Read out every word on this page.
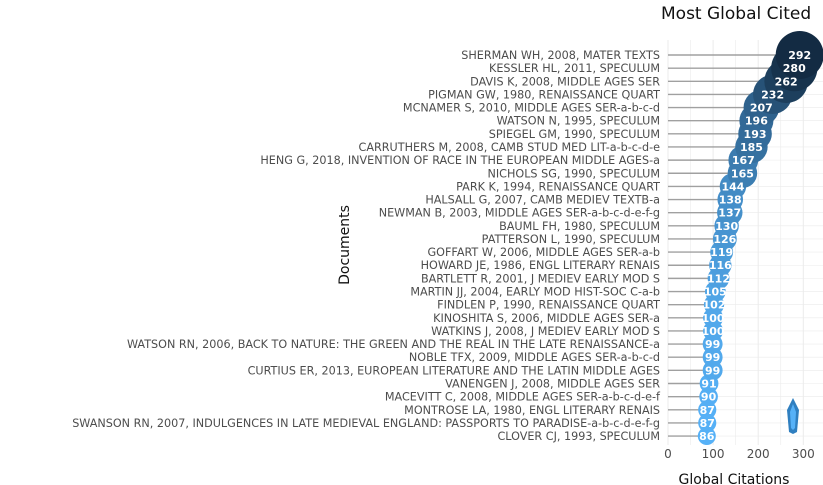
Most Global Cited
SHERMAN WH, 2008, MATER TEXTS
KESSLER HL, 2011, SPECULUM
DAVIS K, 2008, MIDDLE AGES SER
PIGMAN GW, 1980, RENAISSANCE QUART
MCNAMER S, 2010, MIDDLE AGES SER-a-b-c-d
WATSON N, 1995, SPECULUM
SPIEGEL GM, 1990, SPECULUM
CARRUTHERS M, 2008, CAMB STUD MED LIT-a-b-c-d-e
HENG G, 2018, INVENTION OF RACE IN THE EUROPEAN MIDDLE AGES-a
NICHOLS SG, 1990, SPECULUM
PARK K, 1994, RENAISSANCE QUART
HALSALL G, 2007, CAMB MEDIEV TEXTB-a
NEWMAN B, 2003, MIDDLE AGES SER-a-b-c-d-e-f-g
BAUML FH, 1980, SPECULUM
PATTERSON L, 1990, SPECULUM
GOFFART W, 2006, MIDDLE AGES SER-a-b
HOWARD JE, 1986, ENGL LITERARY RENAIS
BARTLETT R, 2001, J MEDIEV EARLY MOD S
MARTIN JJ, 2004, EARLY MOD HIST-SOC C-a-b
FINDLEN P, 1990, RENAISSANCE QUART
KINOSHITA S, 2006, MIDDLE AGES SER-a
WATKINS J, 2008, J MEDIEV EARLY MOD S
WATSON RN, 2006, BACK TO NATURE: THE GREEN AND THE REAL IN THE LATE RENAISSANCE-a
NOBLE TFX, 2009, MIDDLE AGES SER-a-b-c-d
CURTIUS ER, 2013, EUROPEAN LITERATURE AND THE LATIN MIDDLE AGES
VANENGEN J, 2008, MIDDLE AGES SER
MACEVITT C, 2008, MIDDLE AGES SER-a-b-c-d-e-f
MONTROSE LA, 1980, ENGL LITERARY RENAIS
SWANSON RN, 2007, INDULGENCES IN LATE MEDIEVAL ENGLAND: PASSPORTS TO PARADISE-a-b-c-d-e-f-g
CLOVER CJ, 1993, SPECULUM
292
280
262
232
207
196
193
185
167
165
144
138
137
130
126
119
116
112
105
102
100
100
99
99
99
91
90
87
87
86
0 100 200 300
Global Citations
Documents
